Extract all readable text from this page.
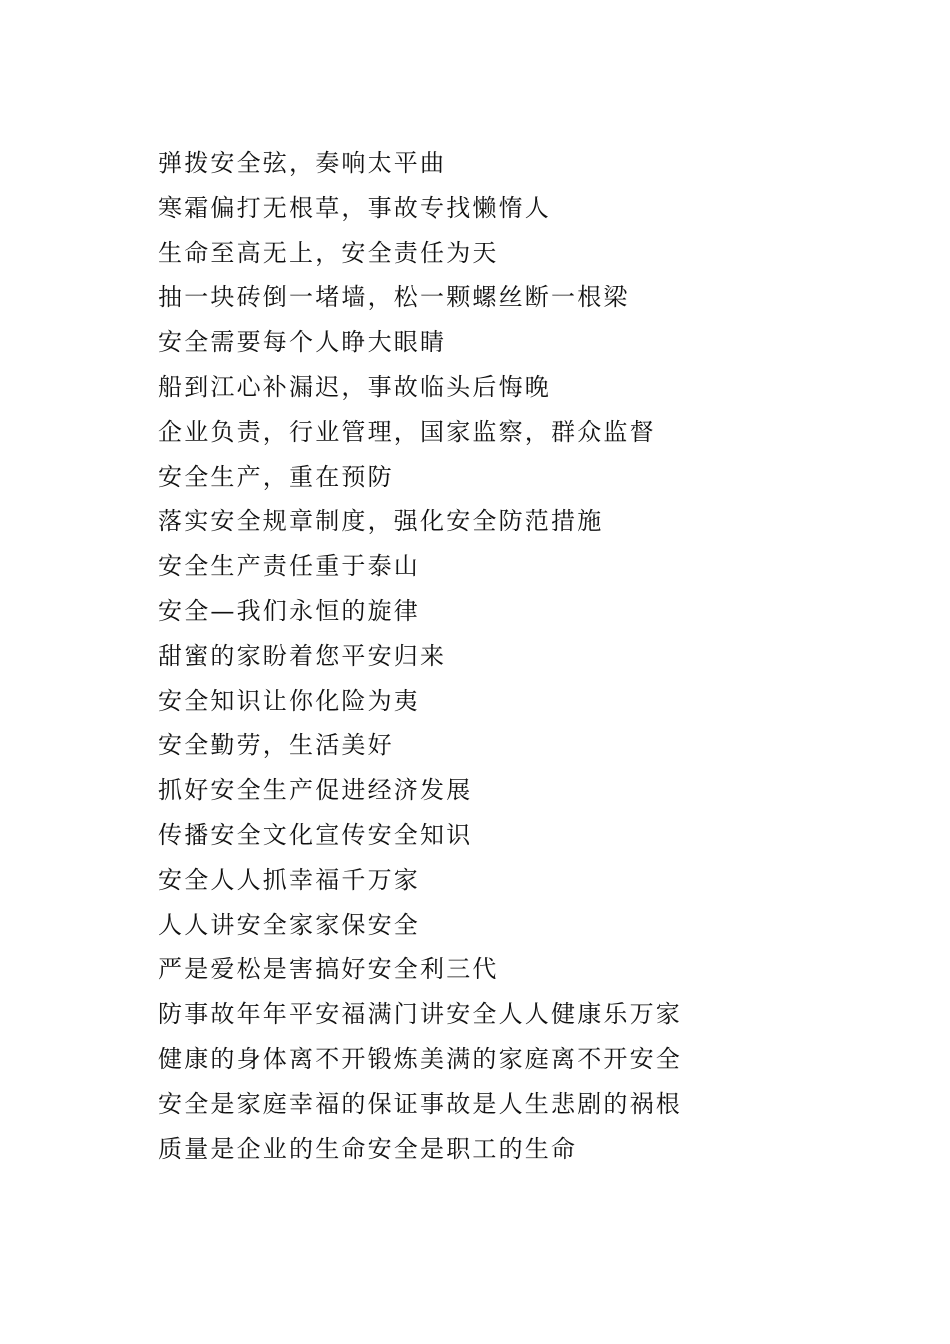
弹拨安全弦，奏响太平曲
寒霜偏打无根草，事故专找懒惰人
生命至高无上，安全责任为天
抽一块砖倒一堵墙，松一颗螺丝断一根梁
安全需要每个人睁大眼睛
船到江心补漏迟，事故临头后悔晚
企业负责，行业管理，国家监察，群众监督
安全生产，重在预防
落实安全规章制度，强化安全防范措施
安全生产责任重于泰山
安全—我们永恒的旋律
甜蜜的家盼着您平安归来
安全知识让你化险为夷
安全勤劳，生活美好
抓好安全生产促进经济发展
传播安全文化宣传安全知识
安全人人抓幸福千万家
人人讲安全家家保安全
严是爱松是害搞好安全利三代
防事故年年平安福满门讲安全人人健康乐万家
健康的身体离不开锻炼美满的家庭离不开安全
安全是家庭幸福的保证事故是人生悲剧的祸根
质量是企业的生命安全是职工的生命
